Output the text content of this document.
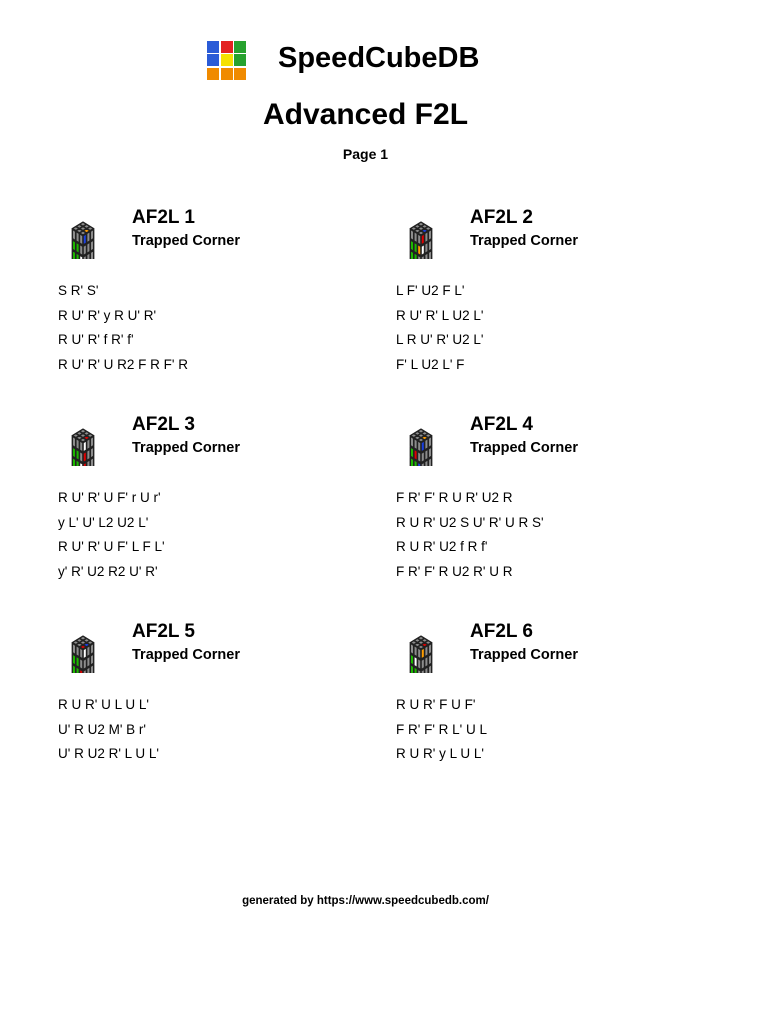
SpeedCubeDB
Advanced F2L
Page 1
AF2L 1
Trapped Corner
S R' S'
R U' R' y R U' R'
R U' R' f R' f'
R U' R' U R2 F R F' R
AF2L 2
Trapped Corner
L F' U2 F L'
R U' R' L U2 L'
L R U' R' U2 L'
F' L U2 L' F
AF2L 3
Trapped Corner
R U' R' U F' r U r'
y L' U' L2 U2 L'
R U' R' U F' L F L'
y' R' U2 R2 U' R'
AF2L 4
Trapped Corner
F R' F' R U R' U2 R
R U R' U2 S U' R' U R S'
R U R' U2 f R f'
F R' F' R U2 R' U R
AF2L 5
Trapped Corner
R U R' U L U L'
U' R U2 M' B r'
U' R U2 R' L U L'
AF2L 6
Trapped Corner
R U R' F U F'
F R' F' R L' U L
R U R' y L U L'
generated by https://www.speedcubedb.com/
